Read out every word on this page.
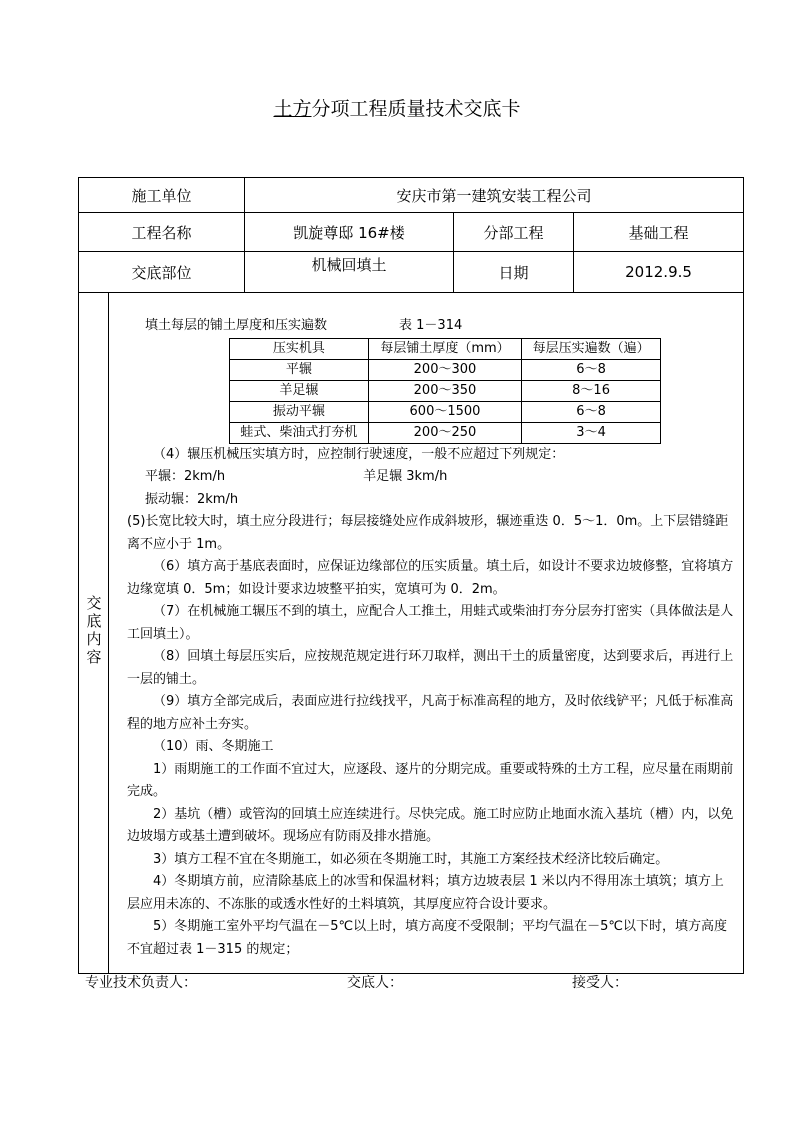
土方分项工程质量技术交底卡
施工单位	安庆市第一建筑安装工程公司
工程名称	凯旋尊邸 16#楼	分部工程	基础工程
交底部位	机械回填土	日期	2012.9.5
交底内容	

填土每层的铺土厚度和压实遍数	表 1－314

压实机具	每层铺土厚度（mm）	每层压实遍数（遍）
平辗	200～300	6～8
羊足辗	200～350	8～16
振动平辗	600～1500	6～8
蛙式、柴油式打夯机	200～250	3～4

（4）辗压机械压实填方时，应控制行驶速度，一般不应超过下列规定：

平辗：2km/h	羊足辗 3km/h

振动辗：2km/h

(5)长宽比较大时，填土应分段进行；每层接缝处应作成斜坡形，辗迹重迭 0．5～1．0m。上下层错缝距离不应小于 1m。

（6）填方高于基底表面时，应保证边缘部位的压实质量。填土后，如设计不要求边坡修整，宜将填方边缘宽填 0．5m；如设计要求边坡整平拍实，宽填可为 0．2m。

（7）在机械施工辗压不到的填土，应配合人工推土，用蛙式或柴油打夯分层夯打密实（具体做法是人工回填土）。

（8）回填土每层压实后，应按规范规定进行环刀取样，测出干土的质量密度，达到要求后，再进行上一层的铺土。

（9）填方全部完成后，表面应进行拉线找平，凡高于标准高程的地方，及时依线铲平；凡低于标准高程的地方应补土夯实。

（10）雨、冬期施工

1）雨期施工的工作面不宜过大，应逐段、逐片的分期完成。重要或特殊的土方工程，应尽量在雨期前完成。

2）基坑（槽）或管沟的回填土应连续进行。尽快完成。施工时应防止地面水流入基坑（槽）内，以免边坡塌方或基土遭到破坏。现场应有防雨及排水措施。

3）填方工程不宜在冬期施工，如必须在冬期施工时，其施工方案经技术经济比较后确定。

4）冬期填方前，应清除基底上的冰雪和保温材料；填方边坡表层 1 米以内不得用冻土填筑；填方上层应用未冻的、不冻胀的或透水性好的土料填筑，其厚度应符合设计要求。

5）冬期施工室外平均气温在－5℃以上时，填方高度不受限制；平均气温在－5℃以下时，填方高度不宜超过表 1－315 的规定；

专业技术负责人：	交底人：	接受人：
